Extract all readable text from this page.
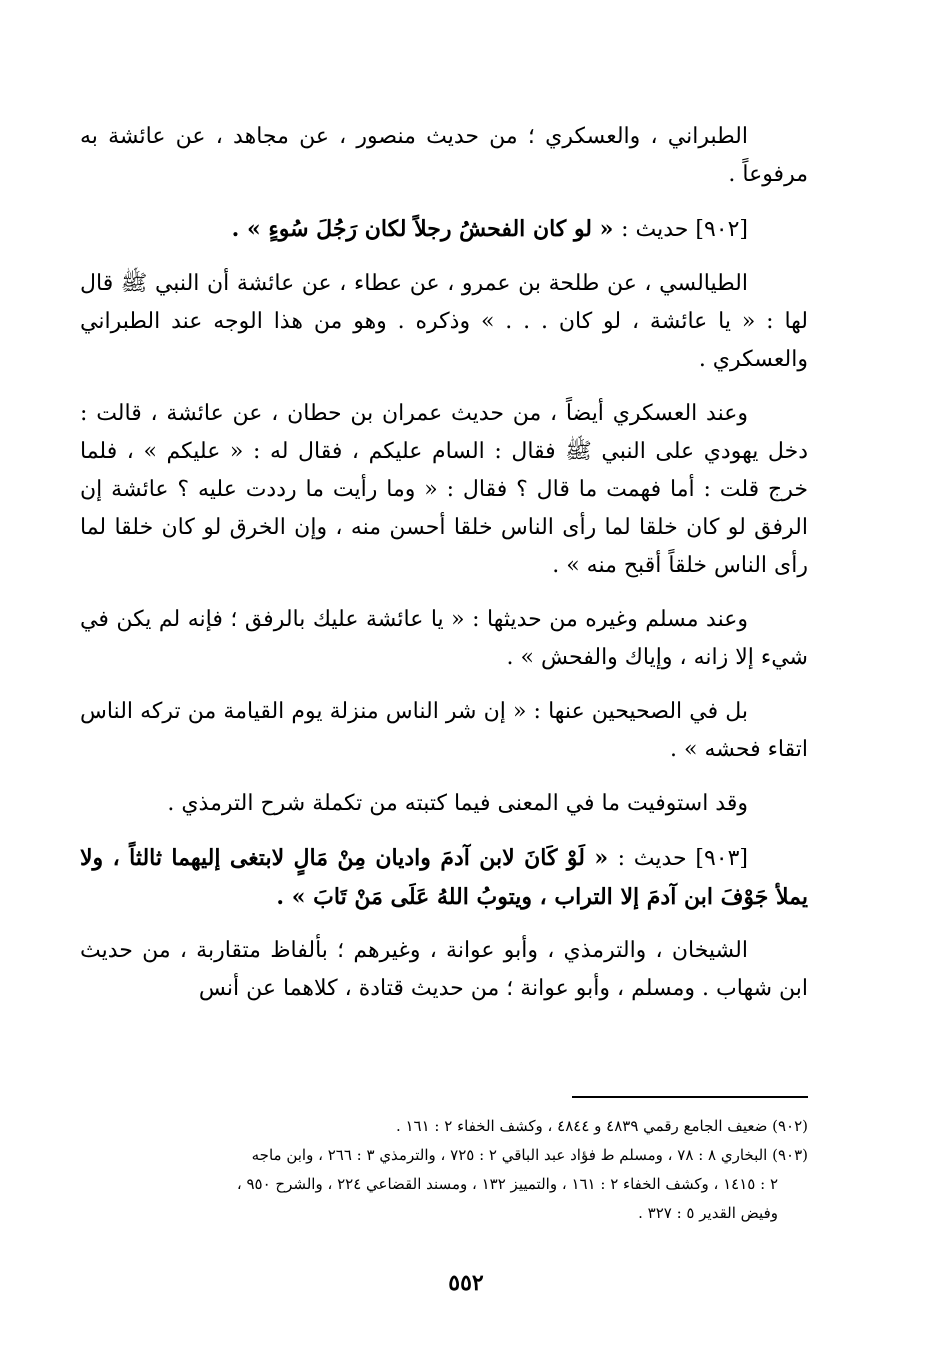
الطبراني ، والعسكري ؛ من حديث منصور ، عن مجاهد ، عن عائشة به مرفوعاً .

[٩٠٢] حديث : « لو كان الفحشُ رجلاً لكان رَجُلَ سُوءٍ » .

الطيالسي ، عن طلحة بن عمرو ، عن عطاء ، عن عائشة أن النبي ﷺ قال لها : « يا عائشة ، لو كان . . . » وذكره . وهو من هذا الوجه عند الطبراني والعسكري .

وعند العسكري أيضاً ، من حديث عمران بن حطان ، عن عائشة ، قالت : دخل يهودي على النبي ﷺ فقال : السام عليكم ، فقال له : « عليكم » ، فلما خرج قلت : أما فهمت ما قال ؟ فقال : « وما رأيت ما رددت عليه ؟ عائشة إن الرفق لو كان خلقا لما رأى الناس خلقا أحسن منه ، وإن الخرق لو كان خلقا لما رأى الناس خلقاً أقبح منه » .

وعند مسلم وغيره من حديثها : « يا عائشة عليك بالرفق ؛ فإنه لم يكن في شيء إلا زانه ، وإياك والفحش » .

بل في الصحيحين عنها : « إن شر الناس منزلة يوم القيامة من تركه الناس اتقاء فحشه » .

وقد استوفيت ما في المعنى فيما كتبته من تكملة شرح الترمذي .

[٩٠٣] حديث : « لَوْ كَانَ لابن آدمَ واديان مِنْ مَالٍ لابتغى إليهما ثالثاً ، ولا يملأ جَوْفَ ابن آدمَ إلا التراب ، ويتوبُ اللهُ عَلَى مَنْ تَابَ » .

الشيخان ، والترمذي ، وأبو عوانة ، وغيرهم ؛ بألفاظ متقاربة ، من حديث ابن شهاب . ومسلم ، وأبو عوانة ؛ من حديث قتادة ، كلاهما عن أنس

(٩٠٢) ضعيف الجامع رقمي ٤٨٣٩ و ٤٨٤٤ ، وكشف الخفاء ٢ : ١٦١ .

(٩٠٣) البخاري ٨ : ٧٨ ، ومسلم ط فؤاد عبد الباقي ٢ : ٧٢٥ ، والترمذي ٣ : ٢٦٦ ، وابن ماجه
٢ : ١٤١٥ ، وكشف الخفاء ٢ : ١٦١ ، والتمييز ١٣٢ ، ومسند القضاعي ٢٢٤ ، والشرح ٩٥٠ ،
وفيض القدير ٥ : ٣٢٧ .

٥٥٢
